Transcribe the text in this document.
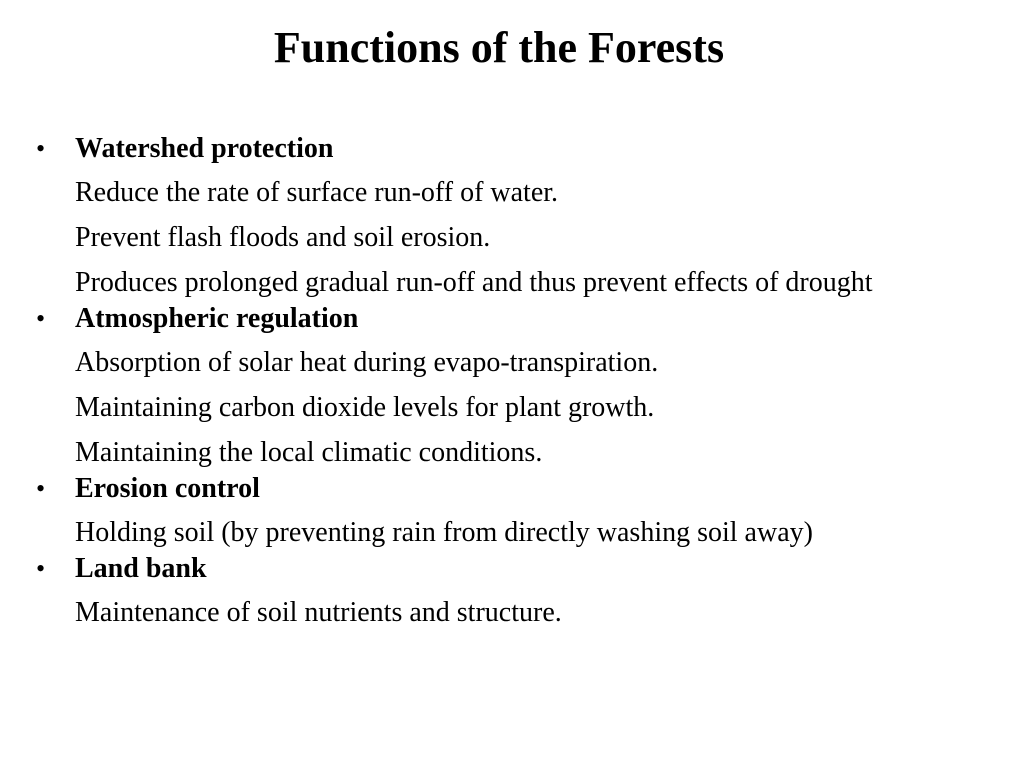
Functions of the Forests
• Watershed protection
Reduce the rate of surface run-off of water.
Prevent flash floods and soil erosion.
Produces prolonged gradual run-off and thus prevent effects of drought
• Atmospheric regulation
Absorption of solar heat during evapo-transpiration.
Maintaining carbon dioxide levels for plant growth.
Maintaining the local climatic conditions.
• Erosion control
Holding soil (by preventing rain from directly washing soil away)
• Land bank
Maintenance of soil nutrients and structure.
